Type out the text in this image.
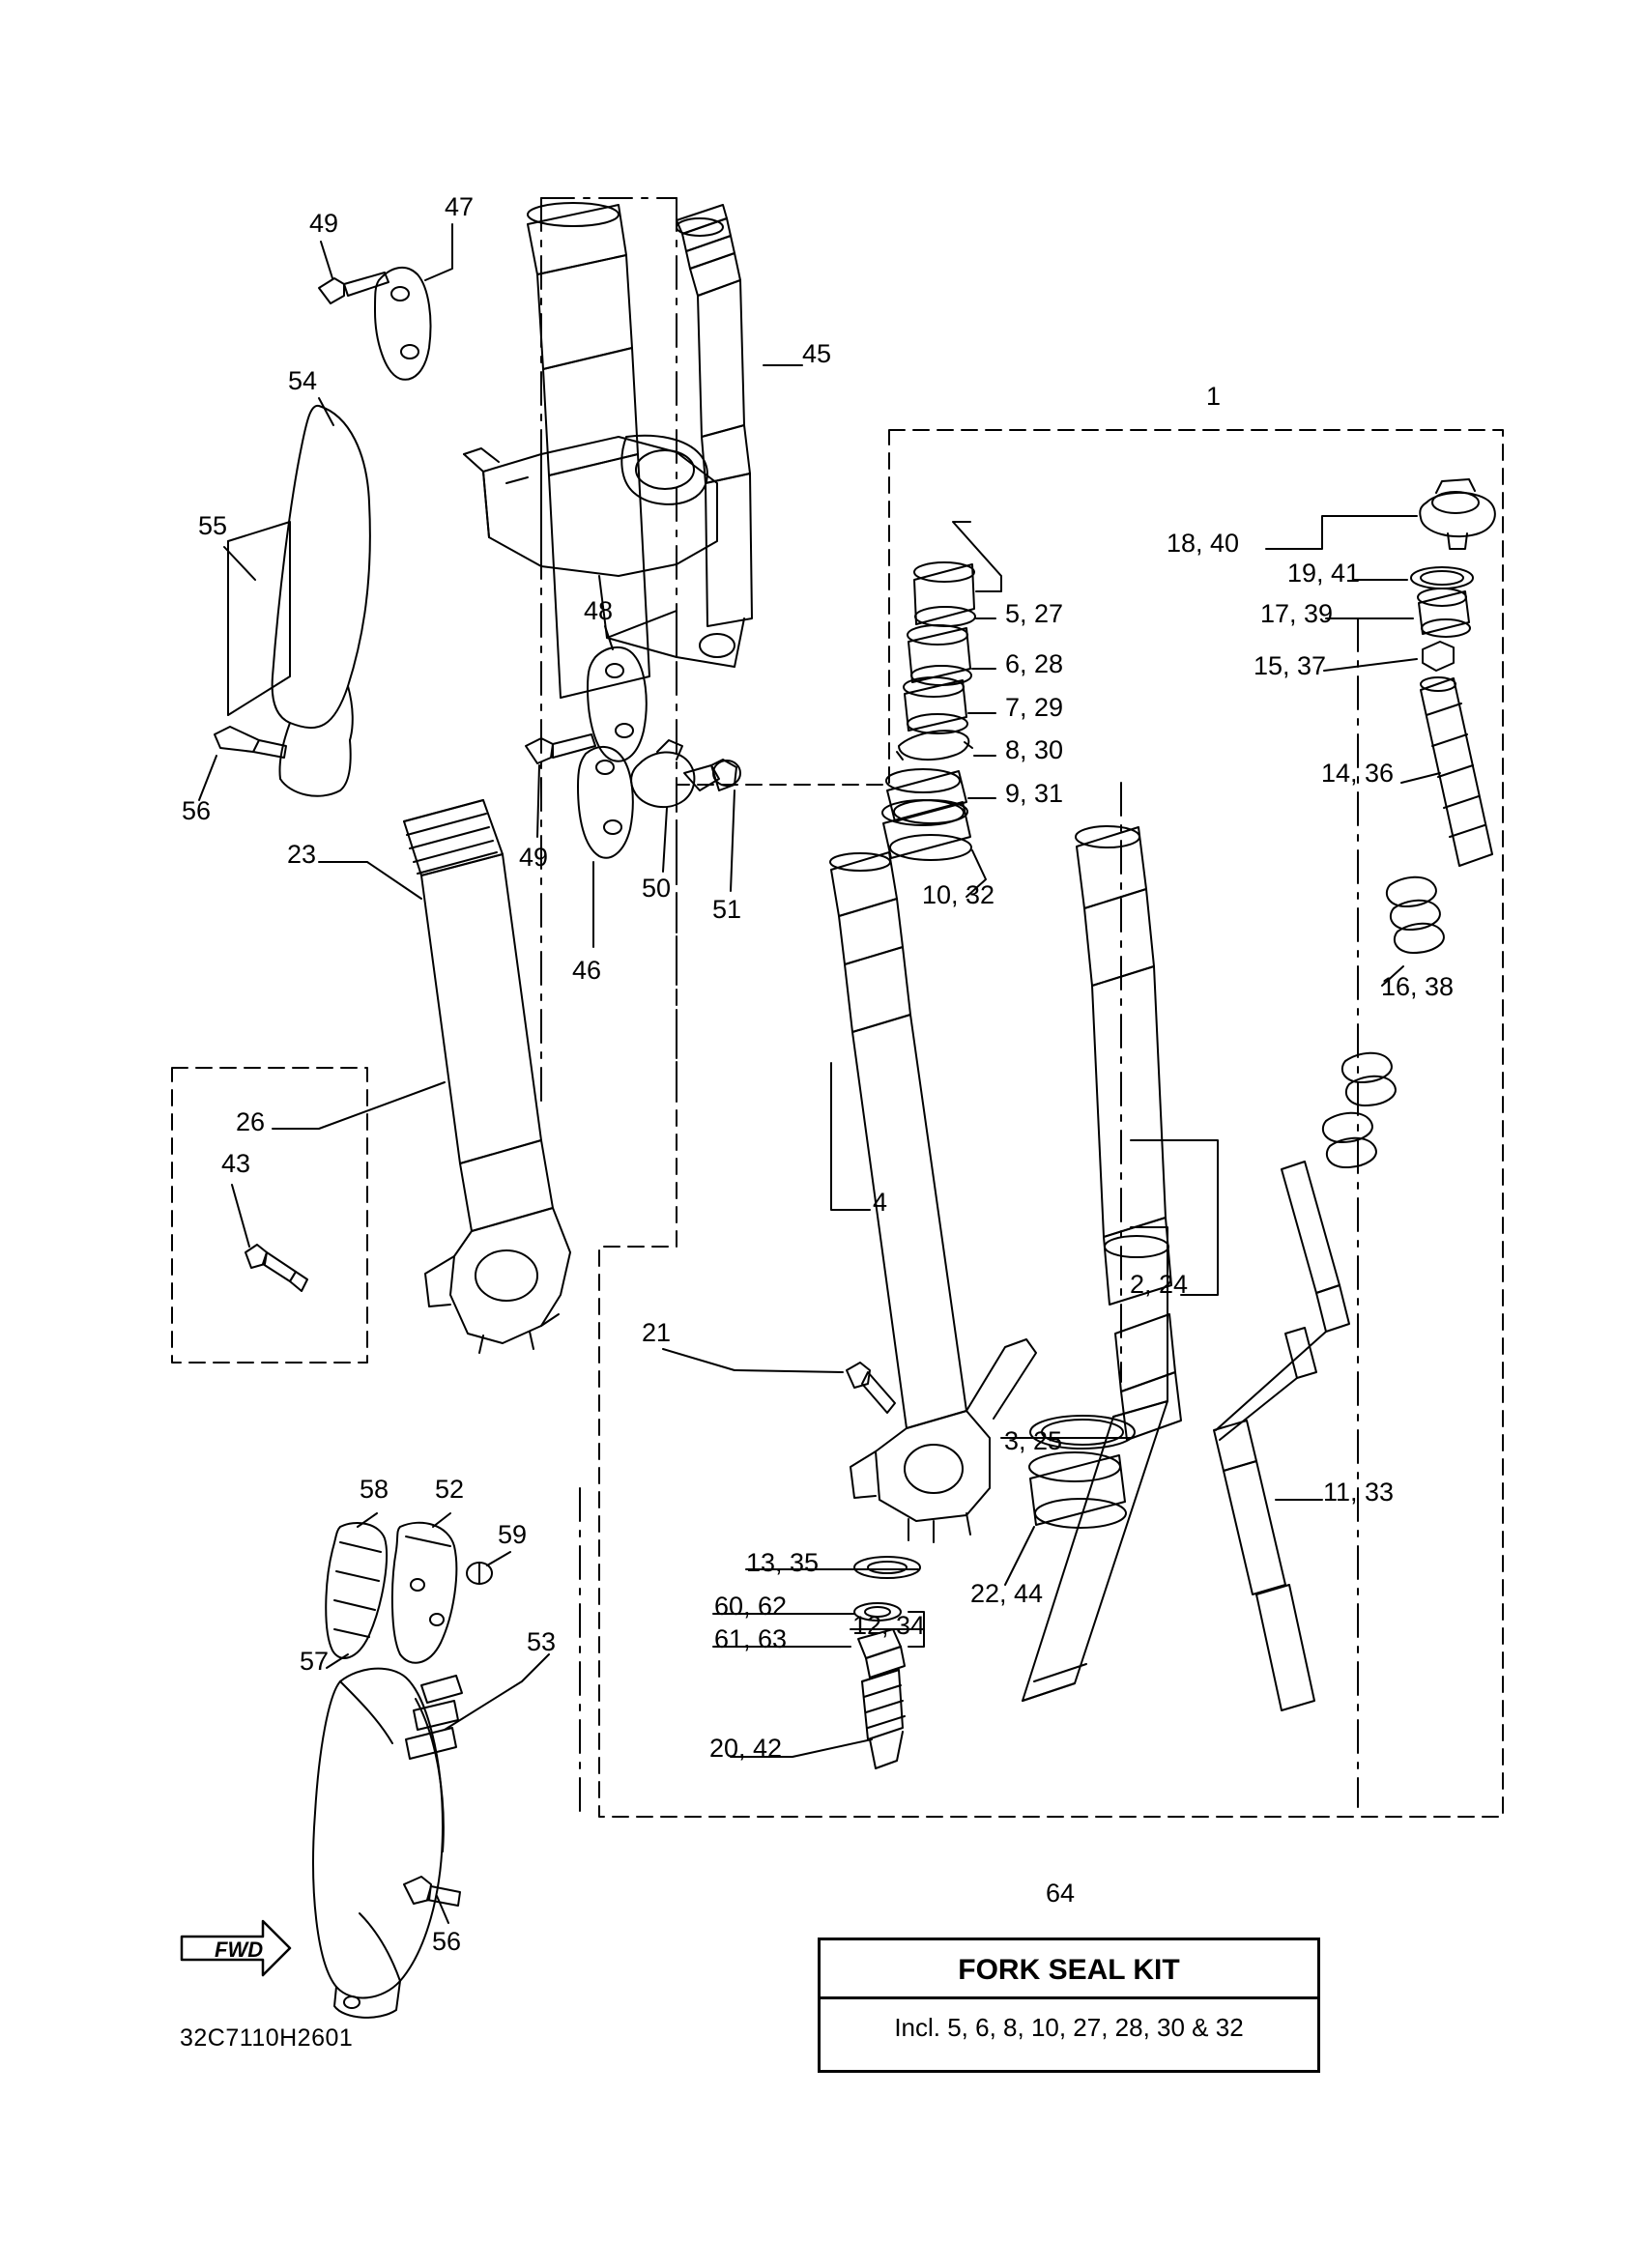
49
47
45
1
54
55
18, 40
19, 41
5, 27
48	17, 39
6, 28	15, 37
7, 29
8, 30
14, 36
9, 31
56
23	49
50
51	10, 32
46
16, 38
26
43
4
2, 24
21
3, 25
11, 33
58 52
59
13, 35
53
60, 62
61, 63	12, 34
57
22, 44
20, 42
56
64
FORK SEAL KIT
Incl. 5, 6, 8, 10, 27, 28, 30 & 32
FWD
32C7110H2601
